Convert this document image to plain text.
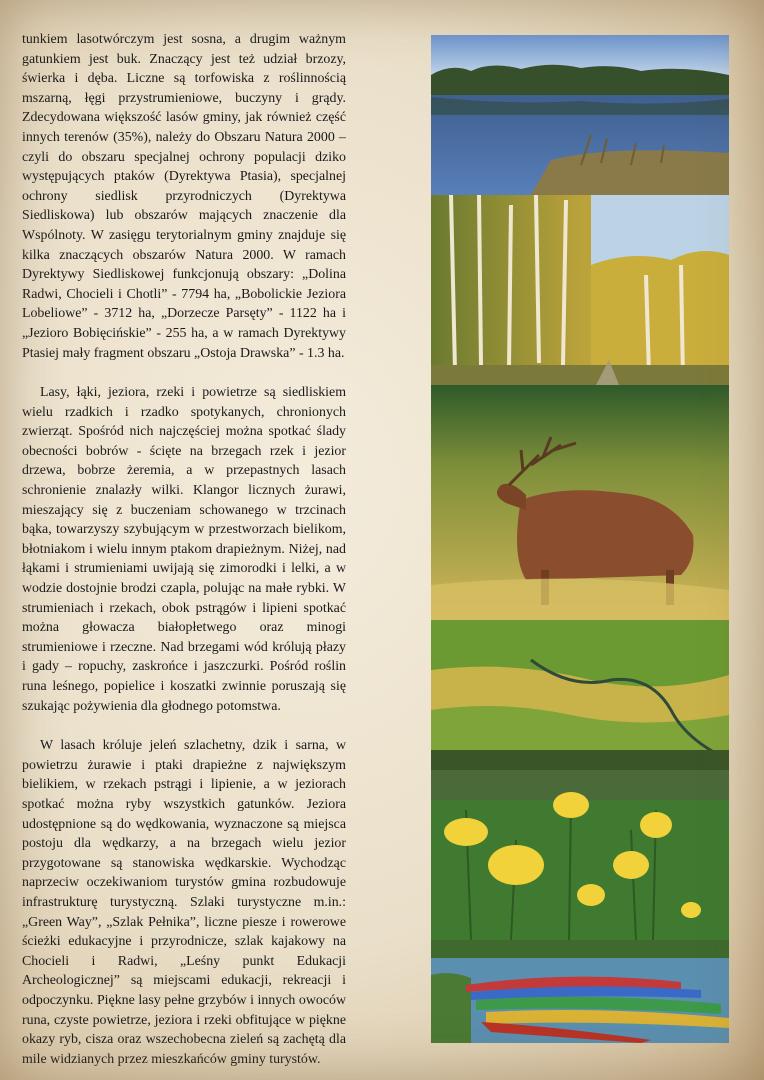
tunkiem lasotwórczym jest sosna, a drugim ważnym gatunkiem jest buk. Znaczący jest też udział brzozy, świerka i dęba. Liczne są torfowiska z roślinnością mszarną, łęgi przystrumieniowe, buczyny i grądy. Zdecydowana większość lasów gminy, jak również część innych terenów (35%), należy do Obszaru Natura 2000 – czyli do obszaru specjalnej ochrony populacji dziko występujących ptaków (Dyrektywa Ptasia), specjalnej ochrony siedlisk przyrodniczych (Dyrektywa Siedliskowa) lub obszarów mających znaczenie dla Wspólnoty. W zasięgu terytorialnym gminy znajduje się kilka znaczących obszarów Natura 2000. W ramach Dyrektywy Siedliskowej funkcjonują obszary: „Dolina Radwi, Chocieli i Chotli” - 7794 ha, „Bobolickie Jeziora Lobeliowe” - 3712 ha, „Dorzecze Parsęty” - 1122 ha i „Jezioro Bobięcińskie” - 255 ha, a w ramach Dyrektywy Ptasiej mały fragment obszaru „Ostoja Drawska” - 1.3 ha.

Lasy, łąki, jeziora, rzeki i powietrze są siedliskiem wielu rzadkich i rzadko spotykanych, chronionych zwierząt. Spośród nich najczęściej można spotkać ślady obecności bobrów - ścięte na brzegach rzek i jezior drzewa, bobrze żeremia, a w przepastnych lasach schronienie znalazły wilki. Klangor licznych żurawi, mieszający się z buczeniam schowanego w trzcinach bąka, towarzyszy szybującym w przestworzach bielikom, błotniakom i wielu innym ptakom drapieżnym. Niżej, nad łąkami i strumieniami uwijają się zimorodki i lelki, a w wodzie dostojnie brodzi czapla, polując na małe rybki. W strumieniach i rzekach, obok pstrągów i lipieni spotkać można głowacza białopłetwego oraz minogi strumieniowe i rzeczne. Nad brzegami wód królują płazy i gady – ropuchy, zaskrońce i jaszczurki. Pośród roślin runa leśnego, popielice i koszatki zwinnie poruszają się szukając pożywienia dla głodnego potomstwa.

W lasach króluje jeleń szlachetny, dzik i sarna, w powietrzu żurawie i ptaki drapieżne z największym bielikiem, w rzekach pstrągi i lipienie, a w jeziorach spotkać można ryby wszystkich gatunków. Jeziora udostępnione są do wędkowania, wyznaczone są miejsca postoju dla wędkarzy, a na brzegach wielu jezior przygotowane są stanowiska wędkarskie. Wychodząc naprzeciw oczekiwaniom turystów gmina rozbudowuje infrastrukturę turystyczną. Szlaki turystyczne m.in.: „Green Way”, „Szlak Pełnika”, liczne piesze i rowerowe ścieżki edukacyjne i przyrodnicze, szlak kajakowy na Chocieli i Radwi, „Leśny punkt Edukacji Archeologicznej” są miejscami edukacji, rekreacji i odpoczynku. Piękne lasy pełne grzybów i innych owoców runa, czyste powietrze, jeziora i rzeki obfitujące w piękne okazy ryb, cisza oraz wszechobecna zieleń są zachętą dla mile widzianych przez mieszkańców gminy turystów.
